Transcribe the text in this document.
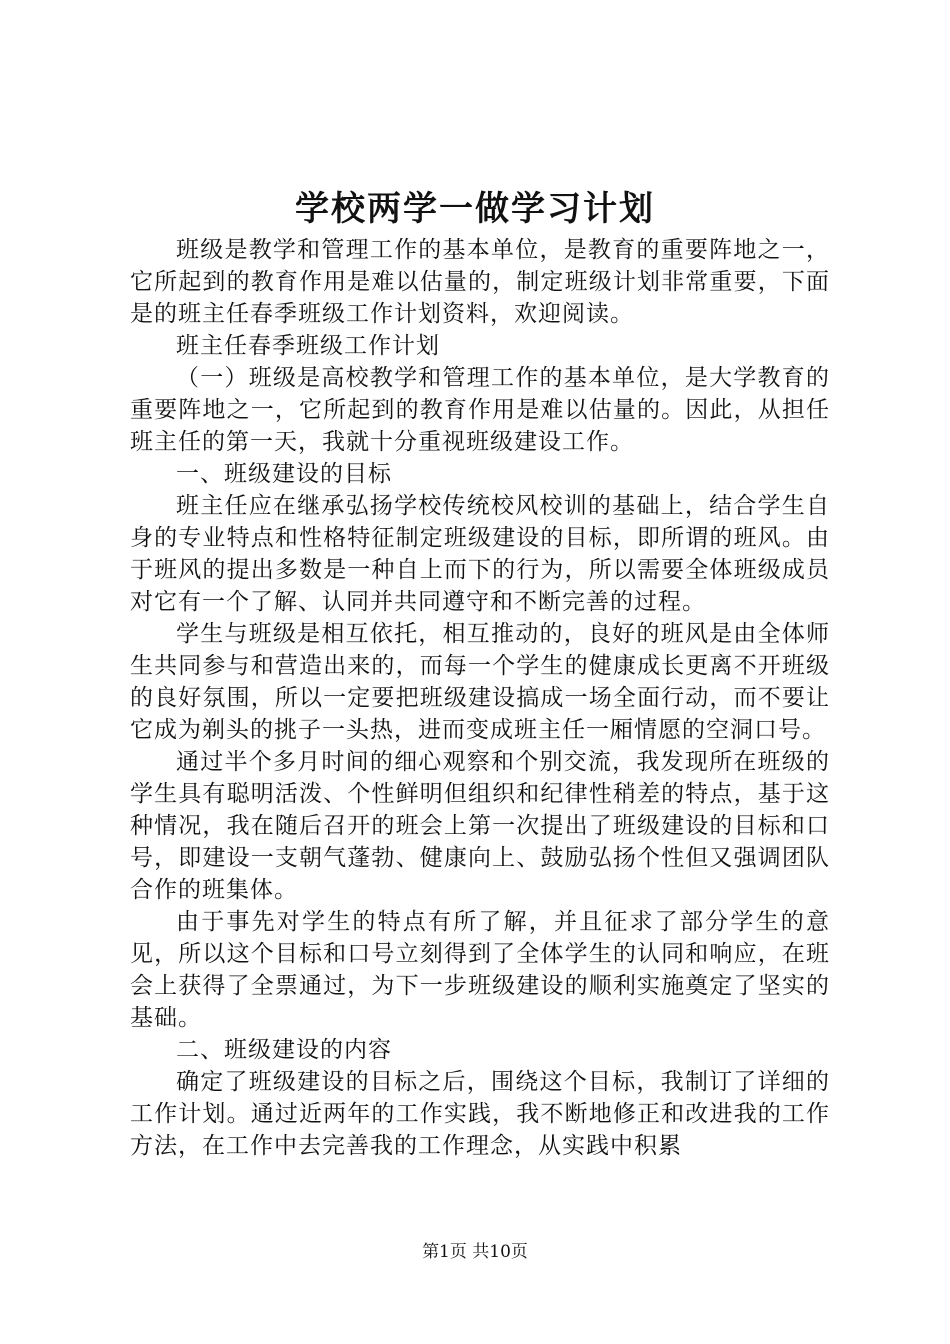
学校两学一做学习计划

班级是教学和管理工作的基本单位，是教育的重要阵地之一，它所起到的教育作用是难以估量的，制定班级计划非常重要，下面是的班主任春季班级工作计划资料，欢迎阅读。

班主任春季班级工作计划

（一）班级是高校教学和管理工作的基本单位，是大学教育的重要阵地之一，它所起到的教育作用是难以估量的。因此，从担任班主任的第一天，我就十分重视班级建设工作。

一、班级建设的目标

班主任应在继承弘扬学校传统校风校训的基础上，结合学生自身的专业特点和性格特征制定班级建设的目标，即所谓的班风。由于班风的提出多数是一种自上而下的行为，所以需要全体班级成员对它有一个了解、认同并共同遵守和不断完善的过程。

学生与班级是相互依托，相互推动的，良好的班风是由全体师生共同参与和营造出来的，而每一个学生的健康成长更离不开班级的良好氛围，所以一定要把班级建设搞成一场全面行动，而不要让它成为剃头的挑子一头热，进而变成班主任一厢情愿的空洞口号。

通过半个多月时间的细心观察和个别交流，我发现所在班级的学生具有聪明活泼、个性鲜明但组织和纪律性稍差的特点，基于这种情况，我在随后召开的班会上第一次提出了班级建设的目标和口号，即建设一支朝气蓬勃、健康向上、鼓励弘扬个性但又强调团队合作的班集体。

由于事先对学生的特点有所了解，并且征求了部分学生的意见，所以这个目标和口号立刻得到了全体学生的认同和响应，在班会上获得了全票通过，为下一步班级建设的顺利实施奠定了坚实的基础。

二、班级建设的内容

确定了班级建设的目标之后，围绕这个目标，我制订了详细的工作计划。通过近两年的工作实践，我不断地修正和改进我的工作方法，在工作中去完善我的工作理念，从实践中积累

第1页 共10页
